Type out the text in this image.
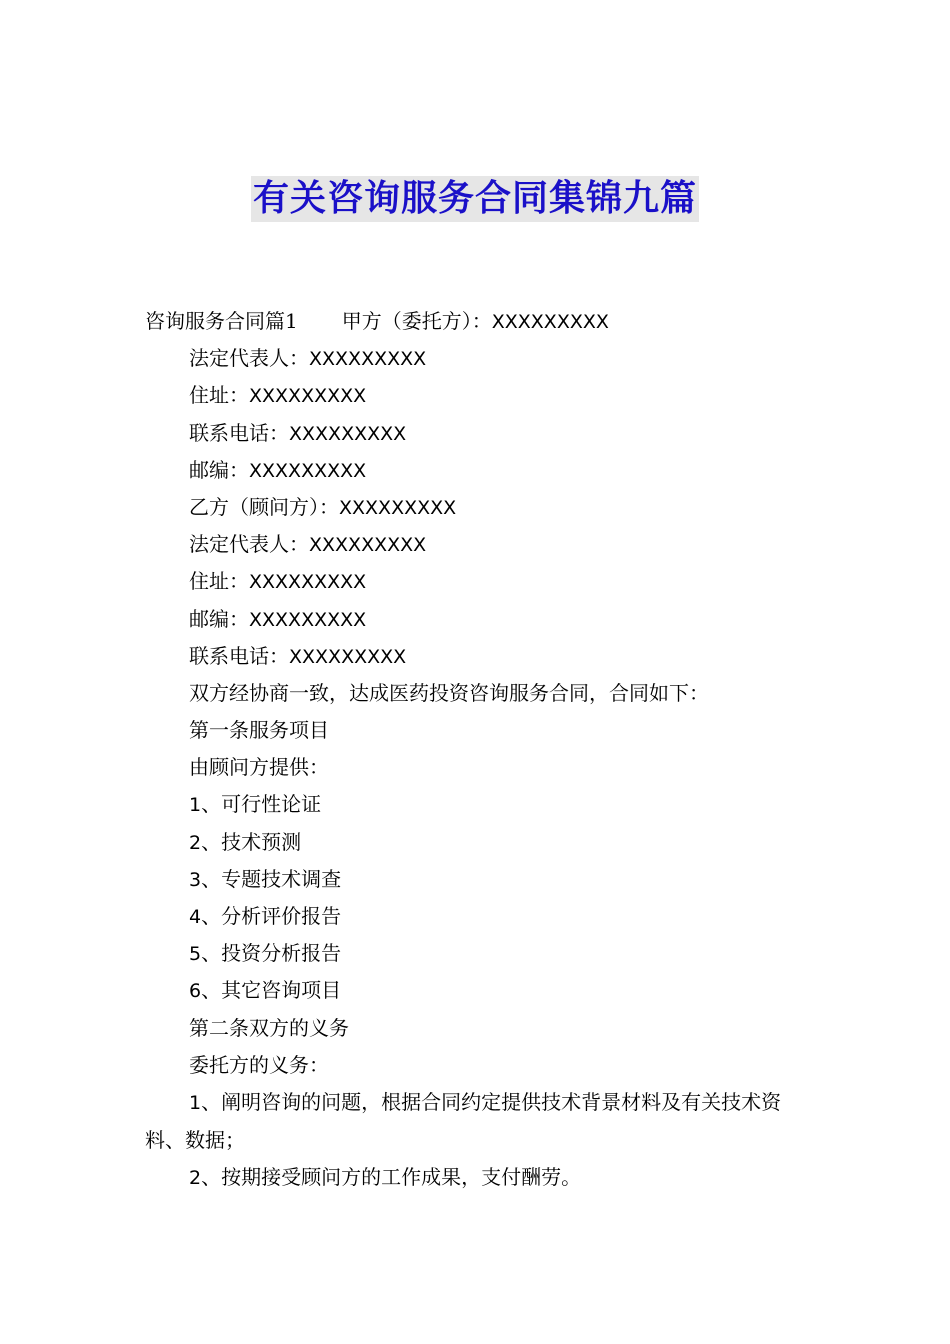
有关咨询服务合同集锦九篇
咨询服务合同篇1 甲方（委托方）：XXXXXXXXX
法定代表人：XXXXXXXXX
住址：XXXXXXXXX
联系电话：XXXXXXXXX
邮编：XXXXXXXXX
乙方（顾问方）：XXXXXXXXX
法定代表人：XXXXXXXXX
住址：XXXXXXXXX
邮编：XXXXXXXXX
联系电话：XXXXXXXXX
双方经协商一致，达成医药投资咨询服务合同，合同如下：
第一条服务项目
由顾问方提供：
1、可行性论证
2、技术预测
3、专题技术调查
4、分析评价报告
5、投资分析报告
6、其它咨询项目
第二条双方的义务
委托方的义务：
1、阐明咨询的问题，根据合同约定提供技术背景材料及有关技术资料、数据；
2、按期接受顾问方的工作成果，支付酬劳。
